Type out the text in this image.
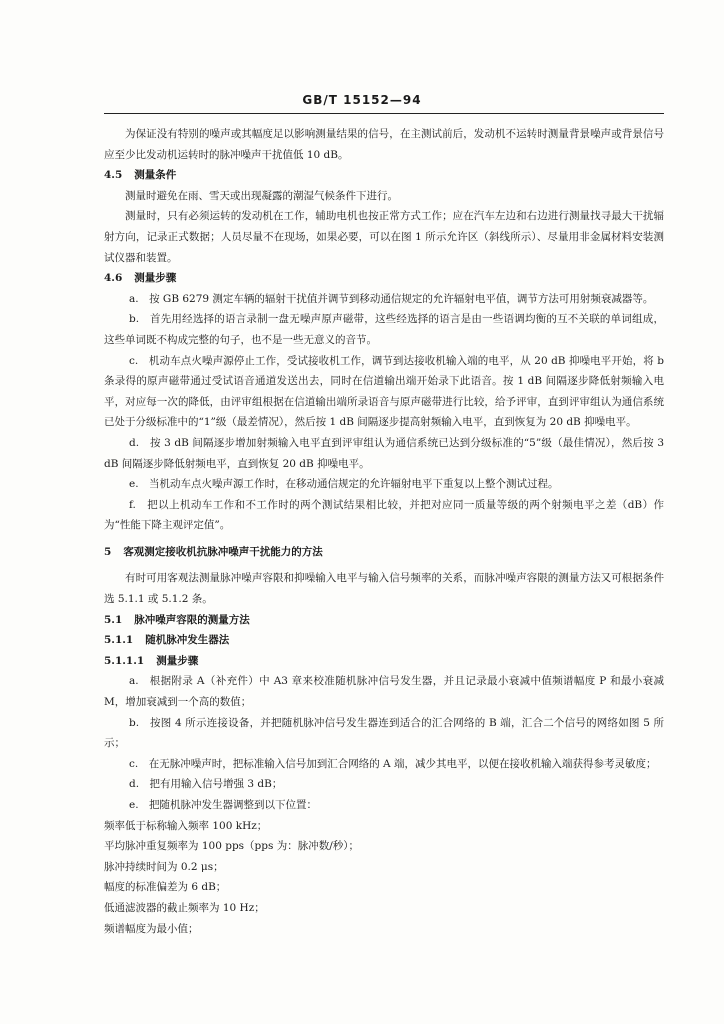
GB/T 15152—94

为保证没有特别的噪声或其幅度足以影响测量结果的信号，在主测试前后，发动机不运转时测量背景噪声或背景信号应至少比发动机运转时的脉冲噪声干扰值低 10 dB。

4.5 测量条件

测量时避免在雨、雪天或出现凝露的潮湿气候条件下进行。

测量时，只有必须运转的发动机在工作，辅助电机也按正常方式工作；应在汽车左边和右边进行测量找寻最大干扰辐射方向，记录正式数据；人员尽量不在现场，如果必要，可以在图 1 所示允许区（斜线所示）、尽量用非金属材料安装测试仪器和装置。

4.6 测量步骤

a.　按 GB 6279 测定车辆的辐射干扰值并调节到移动通信规定的允许辐射电平值，调节方法可用射频衰减器等。

b.　首先用经选择的语言录制一盘无噪声原声磁带，这些经选择的语言是由一些语调均衡的互不关联的单词组成，这些单词既不构成完整的句子，也不是一些无意义的音节。

c.　机动车点火噪声源停止工作，受试接收机工作，调节到达接收机输入端的电平，从 20 dB 抑噪电平开始，将 b 条录得的原声磁带通过受试语音通道发送出去，同时在信道输出端开始录下此语音。按 1 dB 间隔逐步降低射频输入电平，对应每一次的降低，由评审组根据在信道输出端所录语音与原声磁带进行比较，给予评审，直到评审组认为通信系统已处于分级标准中的“1”级（最差情况），然后按 1 dB 间隔逐步提高射频输入电平，直到恢复为 20 dB 抑噪电平。

d.　按 3 dB 间隔逐步增加射频输入电平直到评审组认为通信系统已达到分级标准的“5”级（最佳情况），然后按 3 dB 间隔逐步降低射频电平，直到恢复 20 dB 抑噪电平。

e.　当机动车点火噪声源工作时，在移动通信规定的允许辐射电平下重复以上整个测试过程。

f.　把以上机动车工作和不工作时的两个测试结果相比较，并把对应同一质量等级的两个射频电平之差（dB）作为“性能下降主观评定值”。

5 客观测定接收机抗脉冲噪声干扰能力的方法

有时可用客观法测量脉冲噪声容限和抑噪输入电平与输入信号频率的关系，而脉冲噪声容限的测量方法又可根据条件选 5.1.1 或 5.1.2 条。

5.1 脉冲噪声容限的测量方法

5.1.1 随机脉冲发生器法

5.1.1.1 测量步骤

a.　根据附录 A（补充件）中 A3 章来校准随机脉冲信号发生器，并且记录最小衰减中值频谱幅度 P 和最小衰减 M，增加衰减到一个高的数值；

b.　按图 4 所示连接设备，并把随机脉冲信号发生器连到适合的汇合网络的 B 端，汇合二个信号的网络如图 5 所示；

c.　在无脉冲噪声时，把标准输入信号加到汇合网络的 A 端，减少其电平，以便在接收机输入端获得参考灵敏度；

d.　把有用输入信号增强 3 dB；

e.　把随机脉冲发生器调整到以下位置：

频率低于标称输入频率 100 kHz；

平均脉冲重复频率为 100 pps（pps 为：脉冲数/秒）；

脉冲持续时间为 0.2 μs；

幅度的标准偏差为 6 dB；

低通滤波器的截止频率为 10 Hz；

频谱幅度为最小值；
